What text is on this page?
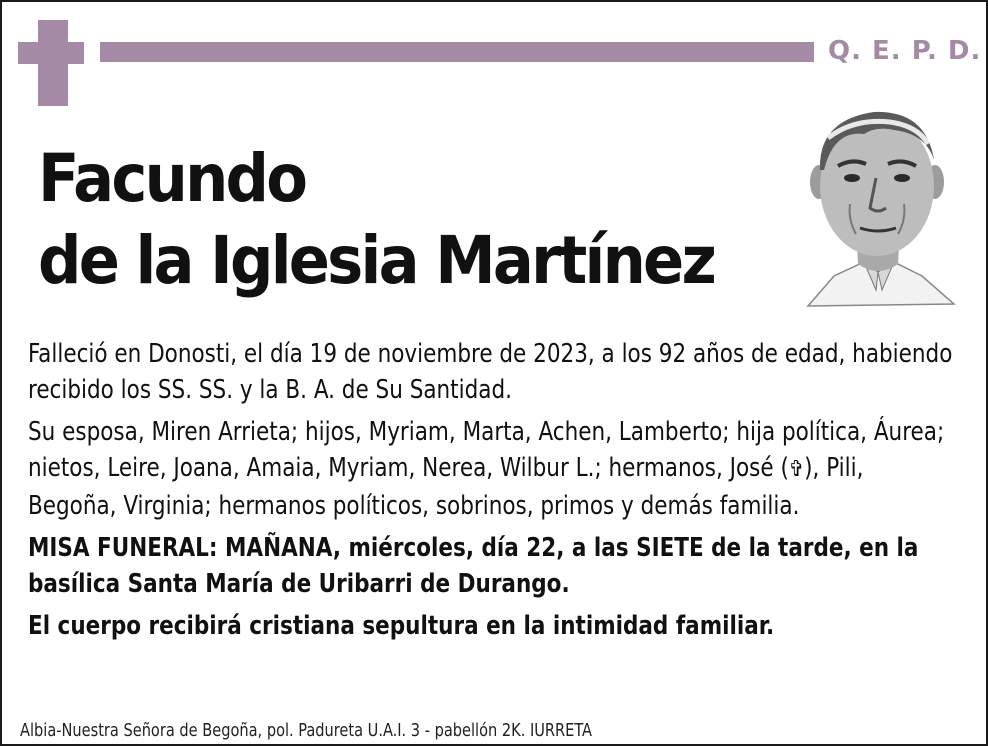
Q. E. P. D.
Facundo
de la Iglesia Martínez

Falleció en Donosti, el día 19 de noviembre de 2023, a los 92 años de edad, habiendo recibido los SS. SS. y la B. A. de Su Santidad.

Su esposa, Miren Arrieta; hijos, Myriam, Marta, Achen, Lamberto; hija política, Áurea; nietos, Leire, Joana, Amaia, Myriam, Nerea, Wilbur L.; hermanos, José (✞), Pili, Begoña, Virginia; hermanos políticos, sobrinos, primos y demás familia.

MISA FUNERAL: MAÑANA, miércoles, día 22, a las SIETE de la tarde, en la basílica Santa María de Uribarri de Durango.

El cuerpo recibirá cristiana sepultura en la intimidad familiar.

Albia-Nuestra Señora de Begoña, pol. Padureta U.A.I. 3 - pabellón 2K. IURRETA
